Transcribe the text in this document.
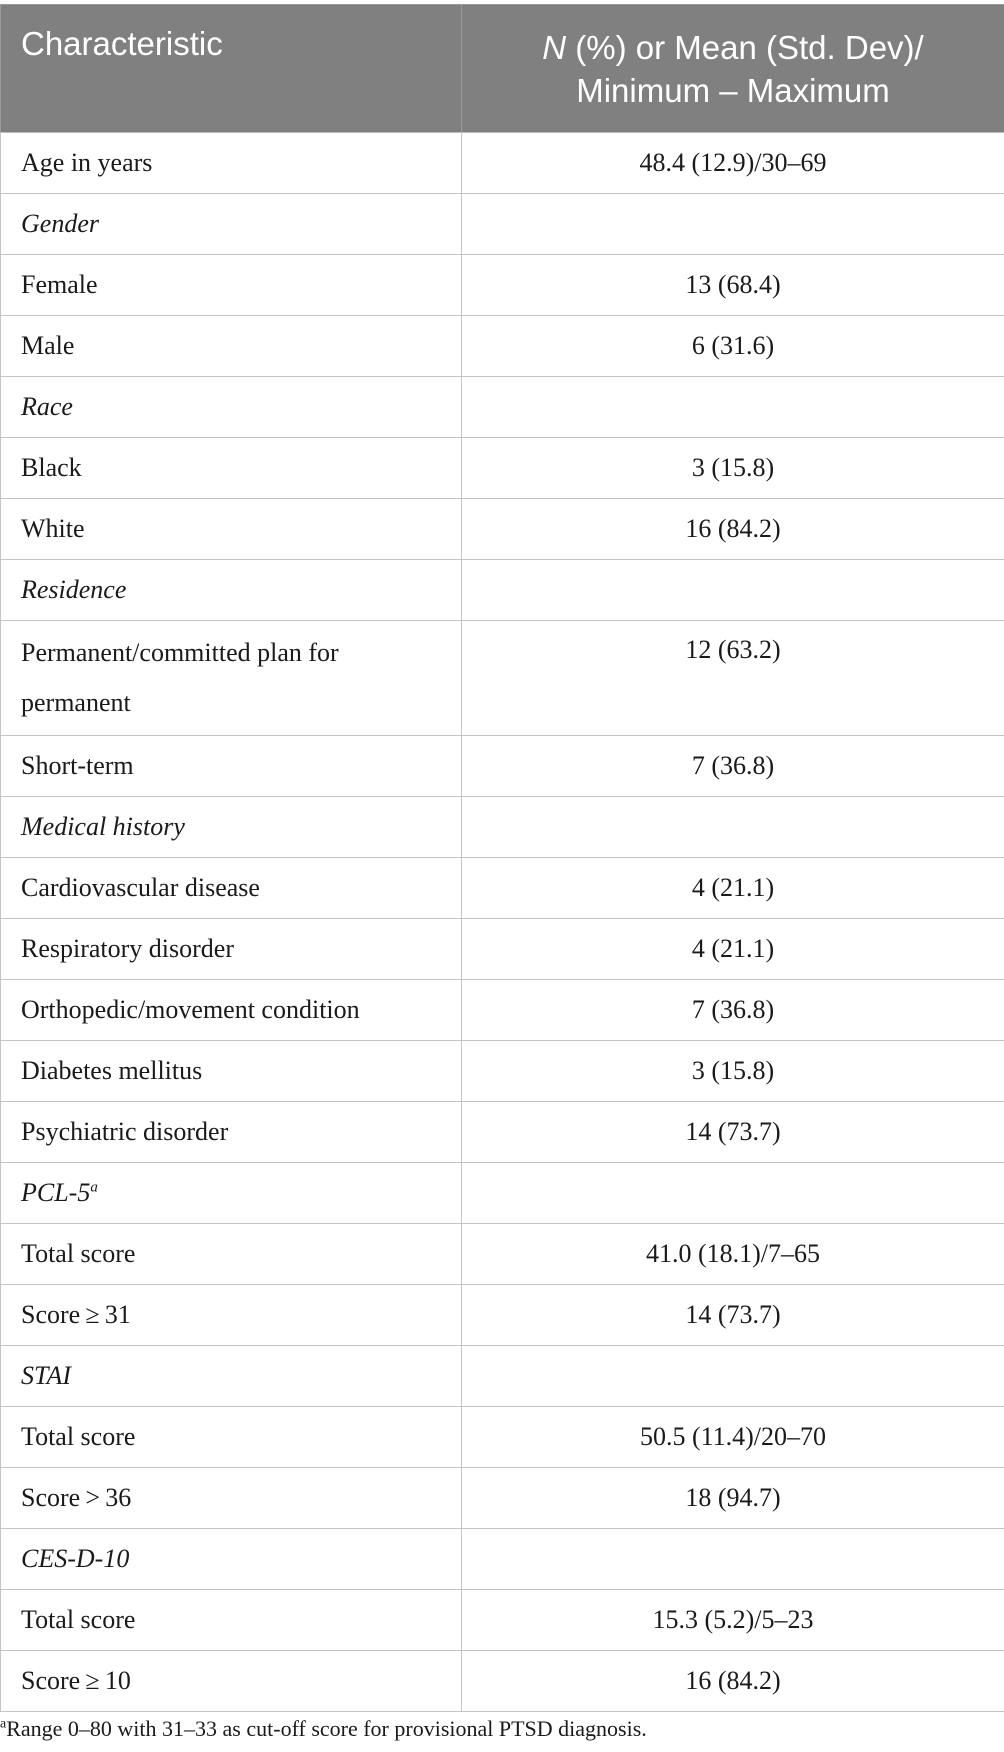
Characteristic	N (%) or Mean (Std. Dev)/
Minimum – Maximum
Age in years	48.4 (12.9)/30–69
Gender	
Female	13 (68.4)
Male	6 (31.6)
Race	
Black	3 (15.8)
White	16 (84.2)
Residence	
Permanent/committed plan for permanent	12 (63.2)
Short-term	7 (36.8)
Medical history	
Cardiovascular disease	4 (21.1)
Respiratory disorder	4 (21.1)
Orthopedic/movement condition	7 (36.8)
Diabetes mellitus	3 (15.8)
Psychiatric disorder	14 (73.7)
PCL-5$^a$	
Total score	41.0 (18.1)/7–65
Score ≥ 31	14 (73.7)
STAI	
Total score	50.5 (11.4)/20–70
Score > 36	18 (94.7)
CES-D-10	
Total score	15.3 (5.2)/5–23
Score ≥ 10	16 (84.2)
$^a$Range 0–80 with 31–33 as cut-off score for provisional PTSD diagnosis.
